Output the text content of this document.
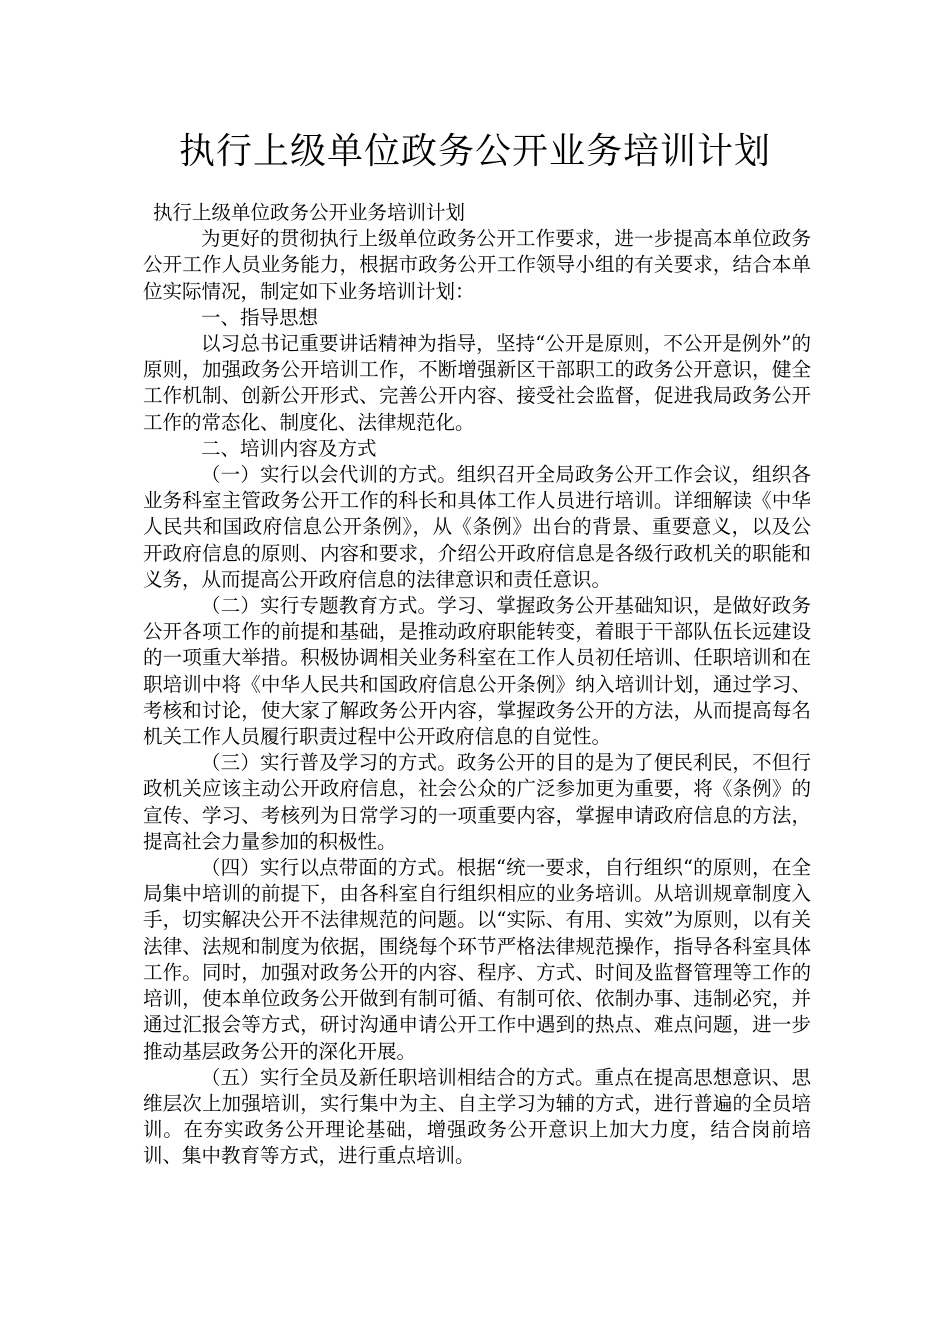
执行上级单位政务公开业务培训计划

执行上级单位政务公开业务培训计划

为更好的贯彻执行上级单位政务公开工作要求，进一步提高本单位政务公开工作人员业务能力，根据市政务公开工作领导小组的有关要求，结合本单位实际情况，制定如下业务培训计划：

一、指导思想

以习总书记重要讲话精神为指导，坚持“公开是原则，不公开是例外”的原则，加强政务公开培训工作，不断增强新区干部职工的政务公开意识，健全工作机制、创新公开形式、完善公开内容、接受社会监督，促进我局政务公开工作的常态化、制度化、法律规范化。

二、培训内容及方式

（一）实行以会代训的方式。组织召开全局政务公开工作会议，组织各业务科室主管政务公开工作的科长和具体工作人员进行培训。详细解读《中华人民共和国政府信息公开条例》，从《条例》出台的背景、重要意义，以及公开政府信息的原则、内容和要求，介绍公开政府信息是各级行政机关的职能和义务，从而提高公开政府信息的法律意识和责任意识。

（二）实行专题教育方式。学习、掌握政务公开基础知识，是做好政务公开各项工作的前提和基础，是推动政府职能转变，着眼于干部队伍长远建设的一项重大举措。积极协调相关业务科室在工作人员初任培训、任职培训和在职培训中将《中华人民共和国政府信息公开条例》纳入培训计划，通过学习、考核和讨论，使大家了解政务公开内容，掌握政务公开的方法，从而提高每名机关工作人员履行职责过程中公开政府信息的自觉性。

（三）实行普及学习的方式。政务公开的目的是为了便民利民，不但行政机关应该主动公开政府信息，社会公众的广泛参加更为重要，将《条例》的宣传、学习、考核列为日常学习的一项重要内容，掌握申请政府信息的方法，提高社会力量参加的积极性。

（四）实行以点带面的方式。根据“统一要求，自行组织“的原则，在全局集中培训的前提下，由各科室自行组织相应的业务培训。从培训规章制度入手，切实解决公开不法律规范的问题。以“实际、有用、实效”为原则，以有关法律、法规和制度为依据，围绕每个环节严格法律规范操作，指导各科室具体工作。同时，加强对政务公开的内容、程序、方式、时间及监督管理等工作的培训，使本单位政务公开做到有制可循、有制可依、依制办事、违制必究，并通过汇报会等方式，研讨沟通申请公开工作中遇到的热点、难点问题，进一步推动基层政务公开的深化开展。

（五）实行全员及新任职培训相结合的方式。重点在提高思想意识、思维层次上加强培训，实行集中为主、自主学习为辅的方式，进行普遍的全员培训。在夯实政务公开理论基础，增强政务公开意识上加大力度，结合岗前培训、集中教育等方式，进行重点培训。
